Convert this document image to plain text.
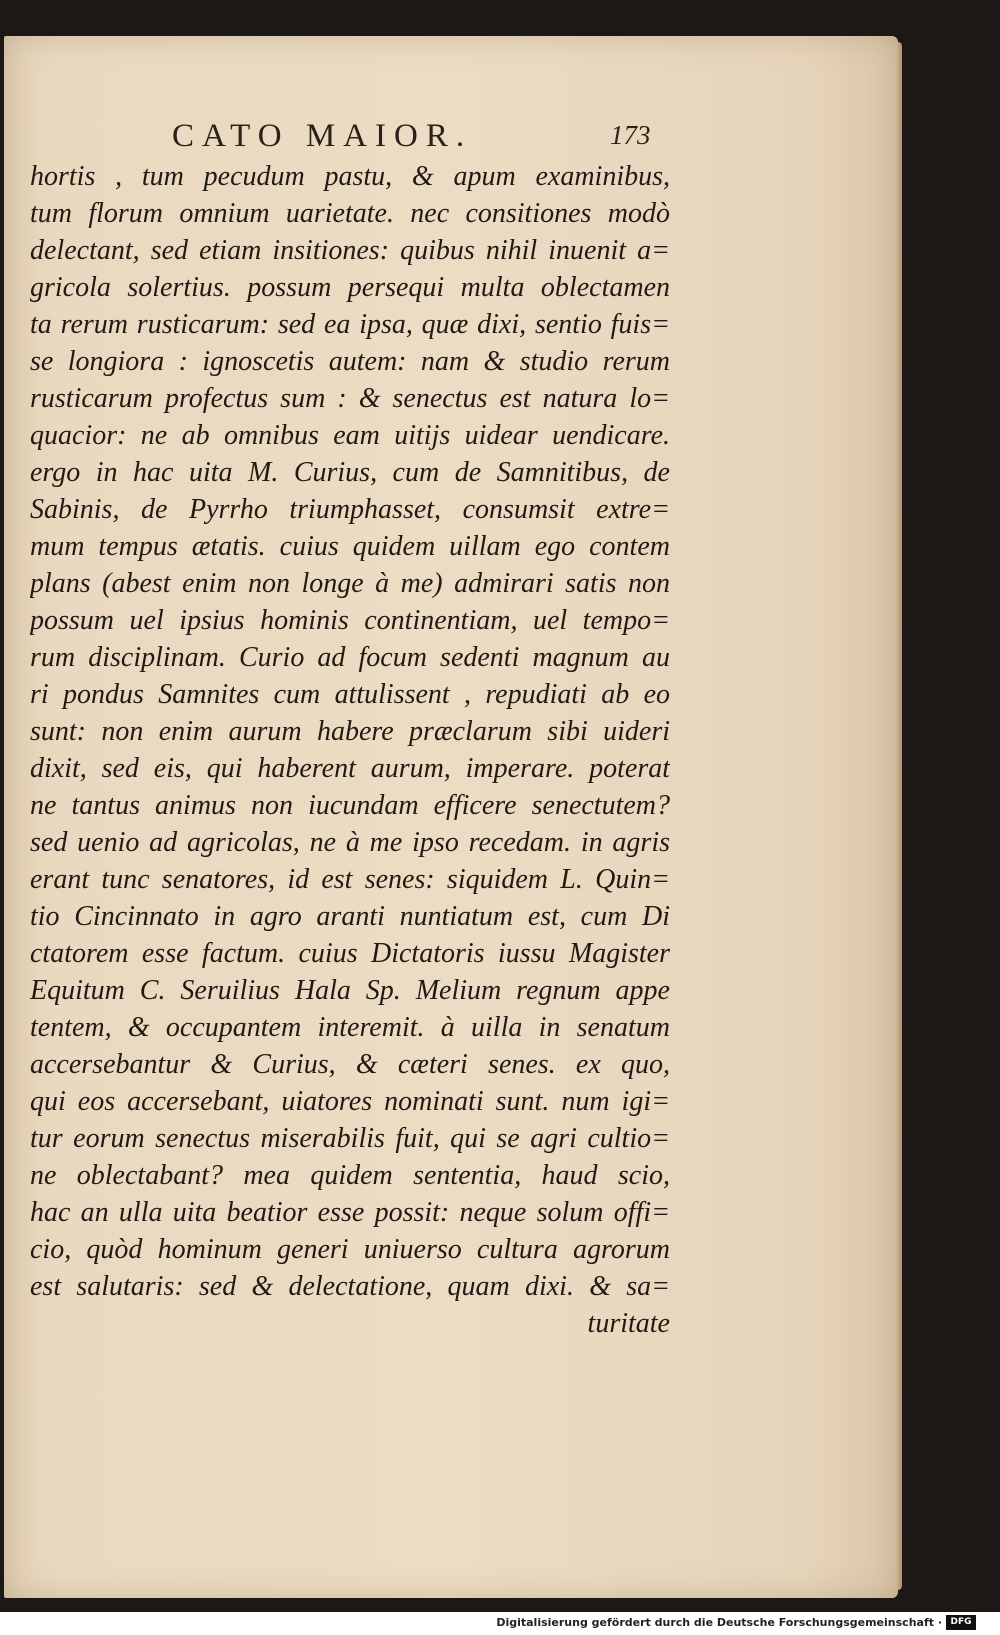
CATO MAIOR.	173
hortis , tum pecudum pastu, & apum examinibus,
tum florum omnium uarietate. nec consitiones modò
delectant, sed etiam insitiones: quibus nihil inuenit a=
gricola solertius. possum persequi multa oblectamen
ta rerum rusticarum: sed ea ipsa, quæ dixi, sentio fuis=
se longiora : ignoscetis autem: nam & studio rerum
rusticarum profectus sum : & senectus est natura lo=
quacior: ne ab omnibus eam uitijs uidear uendicare.
ergo in hac uita M. Curius, cum de Samnitibus, de
Sabinis, de Pyrrho triumphasset, consumsit extre=
mum tempus ætatis. cuius quidem uillam ego contem
plans (abest enim non longe à me) admirari satis non
possum uel ipsius hominis continentiam, uel tempo=
rum disciplinam. Curio ad focum sedenti magnum au
ri pondus Samnites cum attulissent , repudiati ab eo
sunt: non enim aurum habere præclarum sibi uideri
dixit, sed eis, qui haberent aurum, imperare. poterat
ne tantus animus non iucundam efficere senectutem?
sed uenio ad agricolas, ne à me ipso recedam. in agris
erant tunc senatores, id est senes: siquidem L. Quin=
tio Cincinnato in agro aranti nuntiatum est, cum Di
ctatorem esse factum. cuius Dictatoris iussu Magister
Equitum C. Seruilius Hala Sp. Melium regnum appe
tentem, & occupantem interemit. à uilla in senatum
accersebantur & Curius, & cæteri senes. ex quo,
qui eos accersebant, uiatores nominati sunt. num igi=
tur eorum senectus miserabilis fuit, qui se agri cultio=
ne oblectabant? mea quidem sententia, haud scio,
hac an ulla uita beatior esse possit: neque solum offi=
cio, quòd hominum generi uniuerso cultura agrorum
est salutaris: sed & delectatione, quam dixi. & sa=
turitate
Digitalisierung gefördert durch die Deutsche Forschungsgemeinschaft · DFG
